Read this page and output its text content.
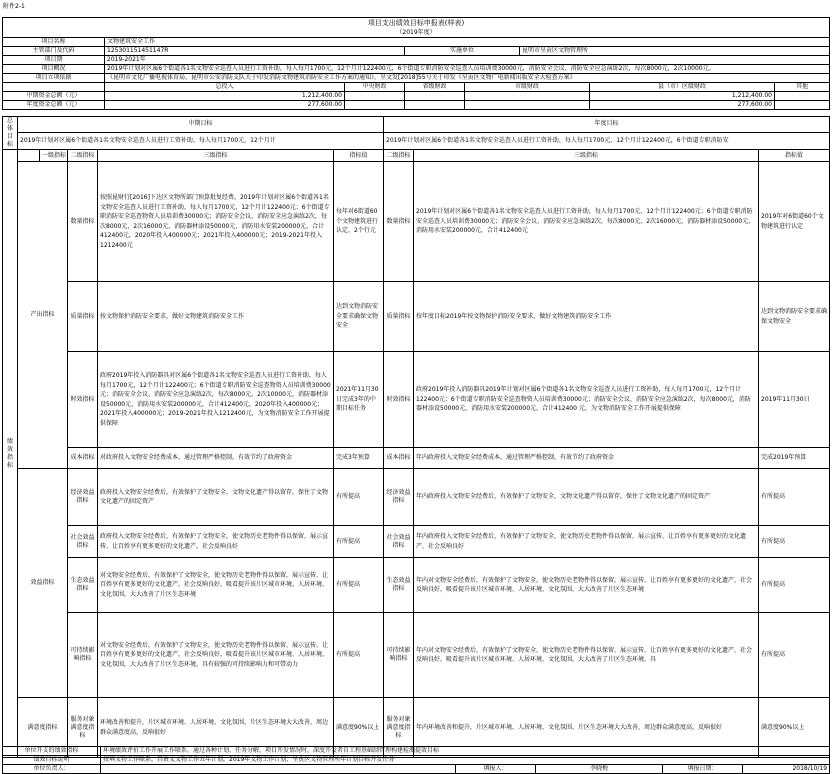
附件2-1
项目支出绩效目标申报表(样表)							
（2019年度）							
项目名称	文物建筑安全工作						
主管部门及代码	125301151451147R		实施单位		昆明市呈贡区文物管理所		
项目期	2019-2021年						
项目概况	2019年计划对区属6个街道各1名文物安全巡查人员进行工资补助，每人每月1700元，12个月计122400元，6个街道专职消防安全巡查人员培训费30000元，消防安全会议、消防安全应急演练2次，每次8000元，2次10000元。						
项目立项依据	《昆明市文化广播电视体育局、昆明市公安消防支队关于印发消防文物建筑消防安全工作方案的通知》，呈文发[2018]55号关于印发《呈贡区文物广电新闻出版安全大检查方案》						
	总投入	中央财政	省级财政	市级财政		县（市）区级财政	其他
中期资金总额（元）	1,212,400.00					1,212,400.00	
年度资金总额（元）	277,600.00					277,600.00	
总体目标	中期目标					年度目标		
	2019年计划对区属6个街道各1名文物安全巡查人员进行工资补助，每人每月1700元，12个月计					2019年计划对区属6个街道各1名文物安全巡查人员进行工资补助，每人每月1700元，12个月计122400元，6个街道专职消防安		
绩效指标		一级指标	二级指标	三级指标	指标值	二级指标	三级指标	指标值
	产出指标		数量指标	按照昆财行[2016]下达区文物所部门预算批复经费，2019年计划对区属6个街道各1名文物安全巡查人员进行工资补助，每人每月1700元，12个月计122400元；6个街道专职消防安全巡查物资人员培训费30000元；消防安全会议、消防安全应急演练2次，每次8000元，2次16000元，消防器材添设50000元，消防用水安装200000元，合计412400元，2020年投入400000元；2021年投入400000元；2019-2021年投入1212400元	每年对6街道60个文物建筑进行认定，2个行元	数量指标	2019年计划对区属6个街道各1名文物安全巡查人员进行工资补助，每人每月1700元，12个月计122400元；6个街道专职消防安全巡查人员培训费30000元；消防安全会议、消防安全应急演练2次，每次8000元，2次16000元，消防器材添设50000元，消防用水安装200000元，合计412400元	2019年对6街道60个文物建筑进行认定
			质量指标	按文物保护消防安全要求，做好文物建筑消防安全工作	达到文物消防安全要求确保文物安全	质量指标	按年度目标2019年按文物保护消防安全要求，做好文物建筑消防安全工作	达到文物消防安全要求确保文物安全
			时效指标	政府2019年投入消防器具对区属6个街道各1名文物安全巡查人员进行工资补助，每人每月1700元，12个月计122400元；6个街道专职消防安全巡查物资人员培训费30000元；消防安全会议、消防安全应急演练2次，每次8000元，2次10000元，消防器材添设50000元，消防用水安装200000元，合计412400元，2020年投入400000元；2021年投入400000元；2019-2021年投入1212400元，为文物消防安全工作开展提供保障	2021年11月30日完成3年的中期目标任务	时效指标	政府2019年投入消防器具2019年计划对区属6个街道各1名文物安全巡查人员进行工资补助，每人每月1700元，12个月计122400元；6个街道专职消防安全巡查物资人员培训费30000元；消防安全会议、消防安全应急演练2次，每次8000元，消防器材添设50000元，消防用水安装200000元，合计412400 元，为文物消防安全工作开展提供保障	2019年11月30日
			成本指标	对政府投入文物安全经费成本，通过管理严格控制，有效节约了政府资金	完成3年预算	成本指标	年内政府投入文物安全经费成本，通过管理严格控制，有效节约了政府资金	完成2019年预算
	效益指标		经济效益指标	政府投入文物安全经费后，有效保护了文物安全，文物文化遗产得以留存，保住了文物文化遗产的固定资产	有所提高	经济效益指标	年内政府投入文物安全经费后，有效保护了文物安全，文物文化遗产得以留存，保住了文物文化遗产的固定资产	有所提高
			社会效益指标	政府投入文物安全经费后，有效保护了文物安全，使文物历史老物件得以保留，展示宣传、让百姓享有更多更好的文化遗产，社会反响良好	有所提高	社会效益指标	年内政府投入文物安全经费后，有效保护了文物安全，使文物历史老物件得以保留，展示宣传、让百姓享有更多更好的文化遗产，社会反响良好	有所提高
			生态效益指标	对文物安全经费后，有效保护了文物安全，使文物历史老物件得以保留，展示宣传、让百姓享有更多更好的文化遗产，社会反响良好，吸看提升该片区城市环境、人居环境、文化氛围，大大改善了片区生态环境	有所提高	生态效益指标	年内对文物安全经费后，有效保护了文物安全，使文物历史老物件得以保留，展示宣传、让百姓享有更多更好的文化遗产，社会反响良好，吸看提升该片区城市环境、人居环境、文化氛围，大大改善了片区生态环境	有所提高
			可持续影响指标	对文物安全经费后，有效保护了文物安全，使文物历史老物件得以保留，展示宣传、让百姓享有更多更好的文化遗产，社会反响良好，吸看提升该片区城市环境、人居环境、文化氛围，大大改善了片区生态环境，具有较强的可持续影响力和可带动力	有所提高	可持续影响指标	年内对文物安全经费后，有效保护了文物安全，使文物历史老物件得以保留，展示宣传、让百姓享有更多更好的文化遗产，社会反响良好，吸看提升该片区城市环境、人居环境、文化氛围，大大改善了片区生态环境，具	有所提高
	满意度指标		服务对象满意度指标	环境改善和提升，片区城市环境、人居环境、文化氛围、片区生态环境大大改善，周边群众满意度高，反响很好	满意度90%以上	服务对象满意度指标	年内环境改善和提升，片区城市环境、人居环境、文化氛围、片区生态环境大大改善，周边群众满意度高，反响很好	满意度90%以上
单位开支的绩效指标	环境绩效评价工作开展工作联系，通过各种计划、任务分解，项目开发情况时，深度开发者自工程基础制管理构建检测提效目标				
绩效目标说明	按填文物工作联系，昌贡文文物工作五年计划，2019年文物工作计划，呈贡区文物管理所年计划目标开发任务				
单位负责人：		填报人：	李晓梅	填报日期：	2018/10/19
